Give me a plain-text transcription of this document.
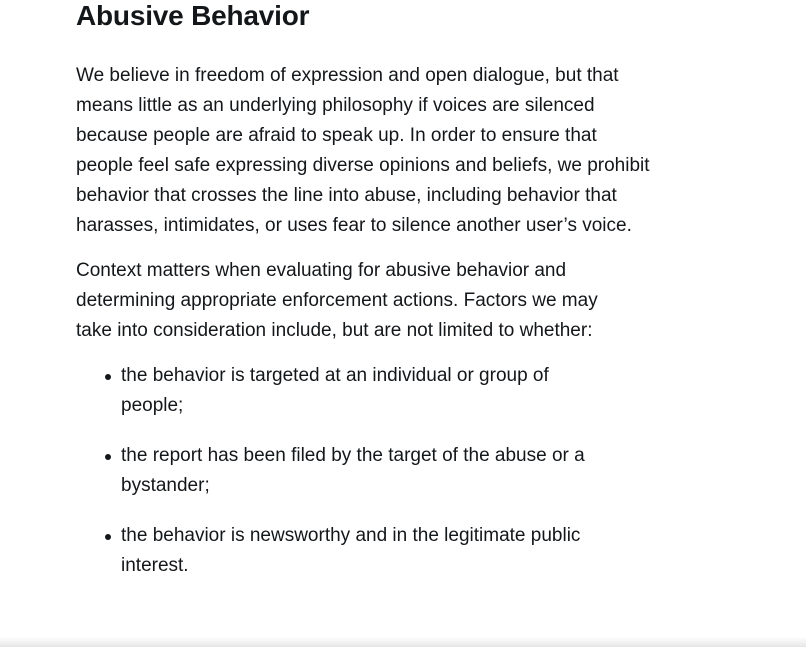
Abusive Behavior

We believe in freedom of expression and open dialogue, but that means little as an underlying philosophy if voices are silenced because people are afraid to speak up. In order to ensure that people feel safe expressing diverse opinions and beliefs, we prohibit behavior that crosses the line into abuse, including behavior that harasses, intimidates, or uses fear to silence another user’s voice.

Context matters when evaluating for abusive behavior and determining appropriate enforcement actions. Factors we may take into consideration include, but are not limited to whether:

the behavior is targeted at an individual or group of people;
the report has been filed by the target of the abuse or a bystander;
the behavior is newsworthy and in the legitimate public interest.
